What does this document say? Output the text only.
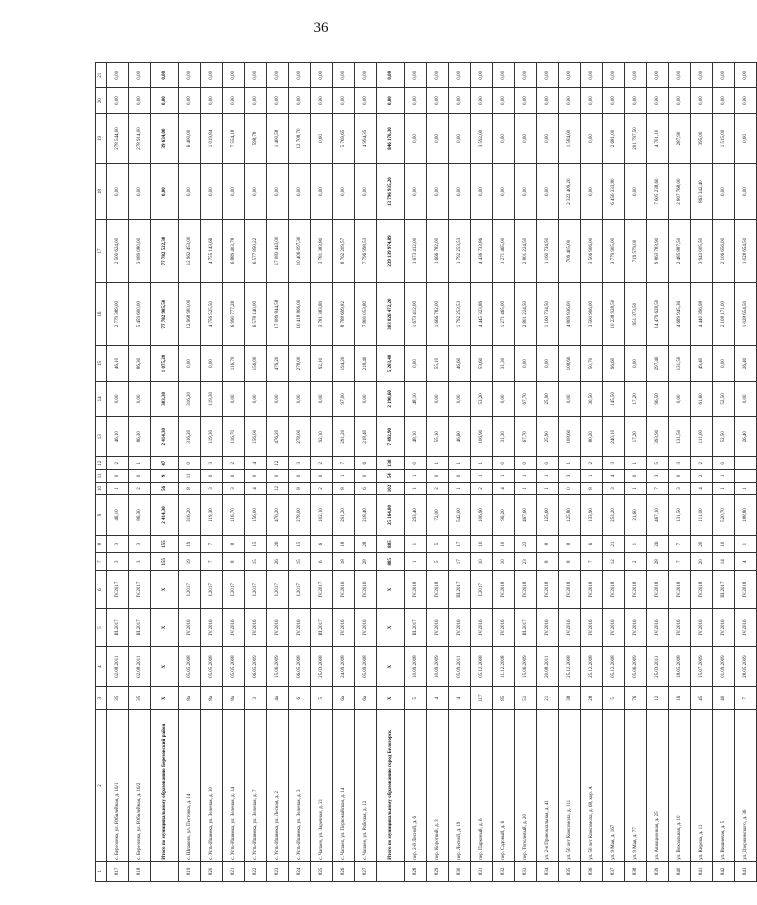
36
1	2	3	4	5	6	7	8	9	10	11	12	13	14	15	16	17	18	19	20	21
817	с. Березовка, ул. Юбилейная, д. 16/1	35	02.08.2011	III.2017	IV.2017	3	3	46,10	1	0	2	46,10	0,00	46,10	2 779 389,00	2 500 624,00	0,00	278 544,00	0,00	0,00
818	с. Березовка, ул. Юбилейная, д. 16/2	35	02.08.2011	III.2017	IV.2017	3	3	86,30	2	0	1	86,30	0,00	86,30	5 459 600,00	3 089 080,00	0,00	278 914,00	0,00	0,00
	Итого по муниципальному образованию Березовский район	X	X	X	X	155	155	2 414,30	56	9	47	2 414,30	303,30	1 075,20	77 782 985,50	77 782 522,30	0,00	39 634,00	0,00	0,00
819	с. Шпаково, ул. Пестовка, д. 14	8а	05.05.2008	IV.2016	I.2017	19	19	316,20	8	11	0	316,20	316,20	0,00	12 968 983,00	12 962 453,00	0,00	6 400,00	0,00	0,00
820	с. Усть-Ишимка, ул. Зеленая, д. 10	8а	05.05.2008	IV.2016	I.2017	7	7	119,30	3	0	3	119,30	119,30	0,00	4 756 525,50	4 755 143,66	0,00	1 019,84	0,00	0,00
821	с. Усть-Ишимка, ул. Зеленая, д. 14	8а	05.05.2008	IV.2016	I.2017	8	8	116,70	3	0	2	116,70	0,00	116,70	6 990 777,28	6 889 403,78	0,00	7 554,18	0,00	0,00
822	с. Усть-Ишимка, ул. Зеленая, д. 7	3	06.05.2009	IV.2016	I.2017	15	15	156,00	4	0	4	156,00	0,00	156,00	6 578 140,00	6 577 850,22	0,00	598,78	0,00	0,00
823	с. Усть-Ишимка, ул. Лесная, д. 2	4а	15.06.2009	IV.2016	I.2017	26	26	476,20	12	0	12	476,20	0,00	476,20	17 089 844,58	17 083 443,00	0,00	1 400,58	0,00	0,00
824	с. Усть-Ишимка, ул. Зеленая, д. 3	6	06.05.2008	IV.2016	I.2017	15	15	278,00	8	0	3	278,00	0,00	278,00	10 418 806,00	10 406 097,30	0,00	12 708,70	0,00	0,00
825	с. Чапаев, ул. Заречная, д. 21	5	25.03.2008	III.2017	IV.2017	6	6	102,10	2	0	2	92,10	0,00	92,10	3 781 383,80	3 781 383,80	0,00	0,00	0,00	0,00
826	с. Чапаев, ул. Первомайская, д. 14	6а	24.09.2008	IV.2016	IV.2016	18	18	291,20	8	1	7	291,20	97,00	194,20	8 788 699,82	8 762 209,57	0,00	5 769,65	0,00	0,00
827	с. Чапаев, ул. Рабочая, д. 12	6а	05.09.2008	IV.2016	IV.2016	28	28	218,40	6	0	6	218,40	0,00	218,40	7 800 053,80	7 796 998,53	0,00	4 994,35	0,00	0,00
	Итого по муниципальному образованию город Белогорск	X	X	X	X	885	885	25 164,80	102	54	138	7 492,90	2 190,60	5 203,40	303 826 472,20	239 139 974,89	13 796 935,20	846 176,30	0,00	0,00
828	пер. 2-й Лесной, д. 6	5	10.09.2008	III.2017	IV.2018	1	1	293,40	1	1	0	48,10	48,10	0,00	1 673 412,00	1 673 412,00	0,00	0,00	0,00	0,00
829	пер. Короткий, д. 3	4	10.09.2009	IV.2016	IV.2018	5	5	72,00	2	0	1	55,10	0,00	55,10	1 666 782,00	1 666 782,00	0,00	0,00	0,00	0,00
830	пер. Лесной, д. 19	4	05.09.2011	IV.2016	III.2017	17	17	542,00	1	0	1	46,60	0,00	46,60	1 792 253,53	1 792 253,53	0,00	0,00	0,00	0,00
831	пер. Парковый, д. 6	117	05.12.2008	IV.2016	I.2017	10	10	106,90	2	1	1	106,90	53,20	53,60	4 445 323,86	4 436 733,86	0,00	3 592,00	0,00	0,00
832	пер. Садовый, д. 6	85	11.12.2008	IV.2016	IV.2018	10	10	96,20	4	1	0	31,30	0,00	31,30	1 271 465,00	1 271 465,00	0,00	0,00	0,00	0,00
833	пер. Тополевый, д. 20	51	15.06.2009	III.2017	IV.2018	23	23	467,60	1	1	0	67,70	67,70	0,00	2 801 224,50	2 801 224,50	0,00	0,00	0,00	0,00
834	ул. 2-я Привокзальная, д. 41	21	20.08.2011	IV.2016	IV.2018	8	8	125,60	1	1	0	25,90	25,90	0,00	1 160 734,50	1 160 734,50	0,00	0,00	0,00	0,00
835	ул. 50 лет Комсомола, д. 111	38	25.12.2008	IV.2016	IV.2018	8	8	125,80	0	3	1	108,60	0,00	108,60	4 809 936,00	709 405,00	2 322 409,20	1 584,00	0,00	0,00
836	ул. 50 лет Комсомола, д. 68, кор. А	28	25.12.2008	IV.2016	IV.2018	7	6	133,90	8	1	2	80,20	30,50	50,70	3 500 906,00	3 506 906,00	0,00	0,00	0,00	0,00
837	ул. 9 Мая, д. 167	5	05.12.2008	IV.2016	IV.2018	12	21	253,20	3	4	3	240,10	145,50	96,60	10 238 928,50	3 779 905,00	6 456 333,80	2 681,00	0,00	0,00
838	ул. 9 Мая, д. 77	76	05.06.2009	IV.2016	IV.2018	2	1	21,60	1	0	1	17,20	17,20	0,00	951 373,50	719 579,00	0,00	201 797,50	0,00	0,00
839	ул. Авиационная, д. 25	12	25.03.2011	IV.2016	IV.2018	28	26	467,10	7	3	5	393,90	96,50	297,40	14 479 628,50	9 863 783,90	7 605 238,60	4 701,10	0,00	0,00
840	ул. Вокзальная, д. 10	16	18.05.2008	IV.2016	IV.2018	7	7	131,50	3	0	3	131,50	0,00	131,50	4 689 945,36	2 485 887,50	2 807 768,00	287,90	0,00	0,00
841	ул. Кирова, д. 11	45	15.07.2009	IV.2016	IV.2018	20	20	111,00	4	2	2	111,00	61,60	49,40	4 440 396,98	3 943 005,50	863 342,40	395,00	0,00	0,00
842	ул. Вишневая, д. 5	40	01.09.2009	IV.2016	III.2017	14	10	520,70	1	1	0	52,50	52,50	0,00	2 108 171,00	2 106 656,00	0,00	1 515,00	0,00	0,00
843	ул. Дзержинского, д. 36	7	28.05.2009	IV.2016	IV.2018	4	1	188,80	1			26,40	0,00	26,40	1 028 654,50	1 028 654,50	0,00	0,00	0,00	0,00
